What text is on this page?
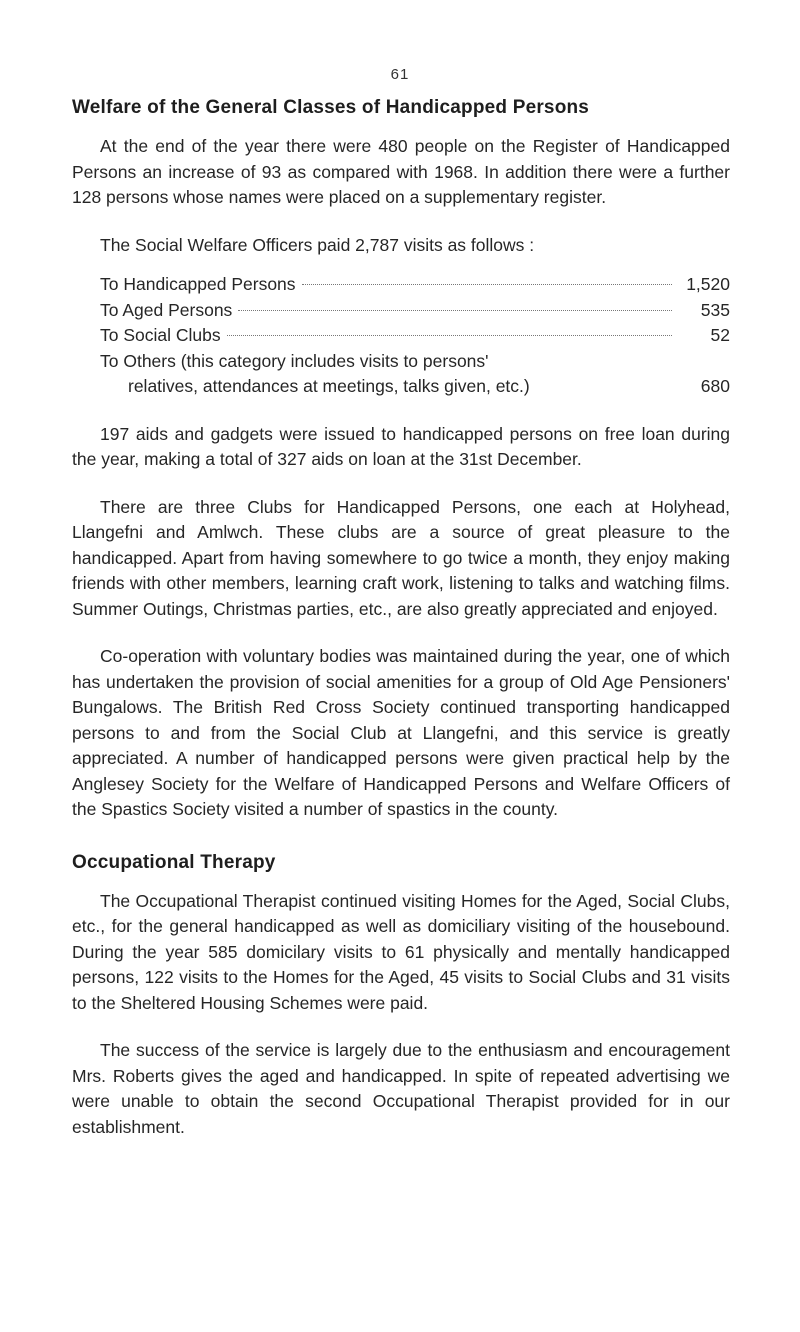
61
Welfare of the General Classes of Handicapped Persons

At the end of the year there were 480 people on the Register of Handicapped Persons an increase of 93 as compared with 1968. In addition there were a further 128 persons whose names were placed on a supplementary register.

The Social Welfare Officers paid 2,787 visits as follows :

To Handicapped Persons	1,520
To Aged Persons	535
To Social Clubs	52
To Others (this category includes visits to persons'
relatives, attendances at meetings, talks given, etc.)	680

197 aids and gadgets were issued to handicapped persons on free loan during the year, making a total of 327 aids on loan at the 31st December.

There are three Clubs for Handicapped Persons, one each at Holyhead, Llangefni and Amlwch. These clubs are a source of great pleasure to the handicapped. Apart from having somewhere to go twice a month, they enjoy making friends with other members, learning craft work, listening to talks and watching films. Summer Outings, Christmas parties, etc., are also greatly appreciated and enjoyed.

Co-operation with voluntary bodies was maintained during the year, one of which has undertaken the provision of social amenities for a group of Old Age Pensioners' Bungalows. The British Red Cross Society continued transporting handicapped persons to and from the Social Club at Llangefni, and this service is greatly appreciated. A number of handicapped persons were given practical help by the Anglesey Society for the Welfare of Handicapped Persons and Welfare Officers of the Spastics Society visited a number of spastics in the county.

Occupational Therapy

The Occupational Therapist continued visiting Homes for the Aged, Social Clubs, etc., for the general handicapped as well as domiciliary visiting of the housebound. During the year 585 domicilary visits to 61 physically and mentally handicapped persons, 122 visits to the Homes for the Aged, 45 visits to Social Clubs and 31 visits to the Sheltered Housing Schemes were paid.

The success of the service is largely due to the enthusiasm and encouragement Mrs. Roberts gives the aged and handicapped. In spite of repeated advertising we were unable to obtain the second Occupational Therapist provided for in our establishment.
